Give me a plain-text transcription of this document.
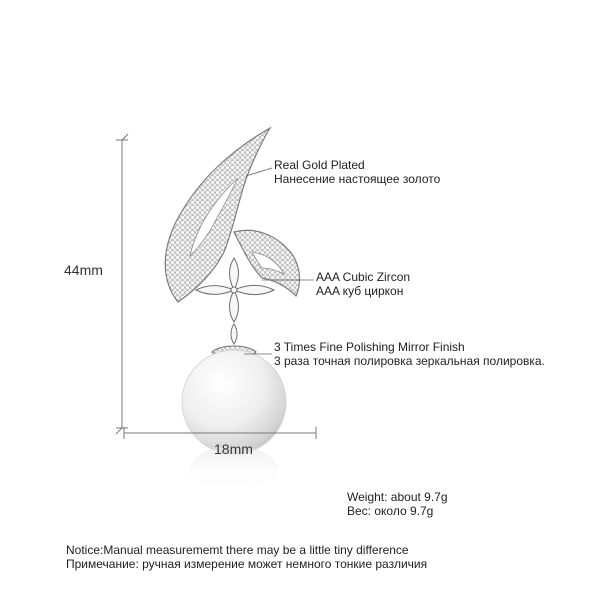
44mm
18mm
Real Gold Plated
Нанесение настоящее золото
AAA Cubic Zircon
AAA куб циркон
3 Times Fine Polishing Mirror Finish
3 раза точная полировка зеркальная полировка.
Weight: about 9.7g
Вес: около 9.7g
Notice:Manual measurememt there may be a little tiny difference
Примечание: ручная измерение может немного тонкие различия
